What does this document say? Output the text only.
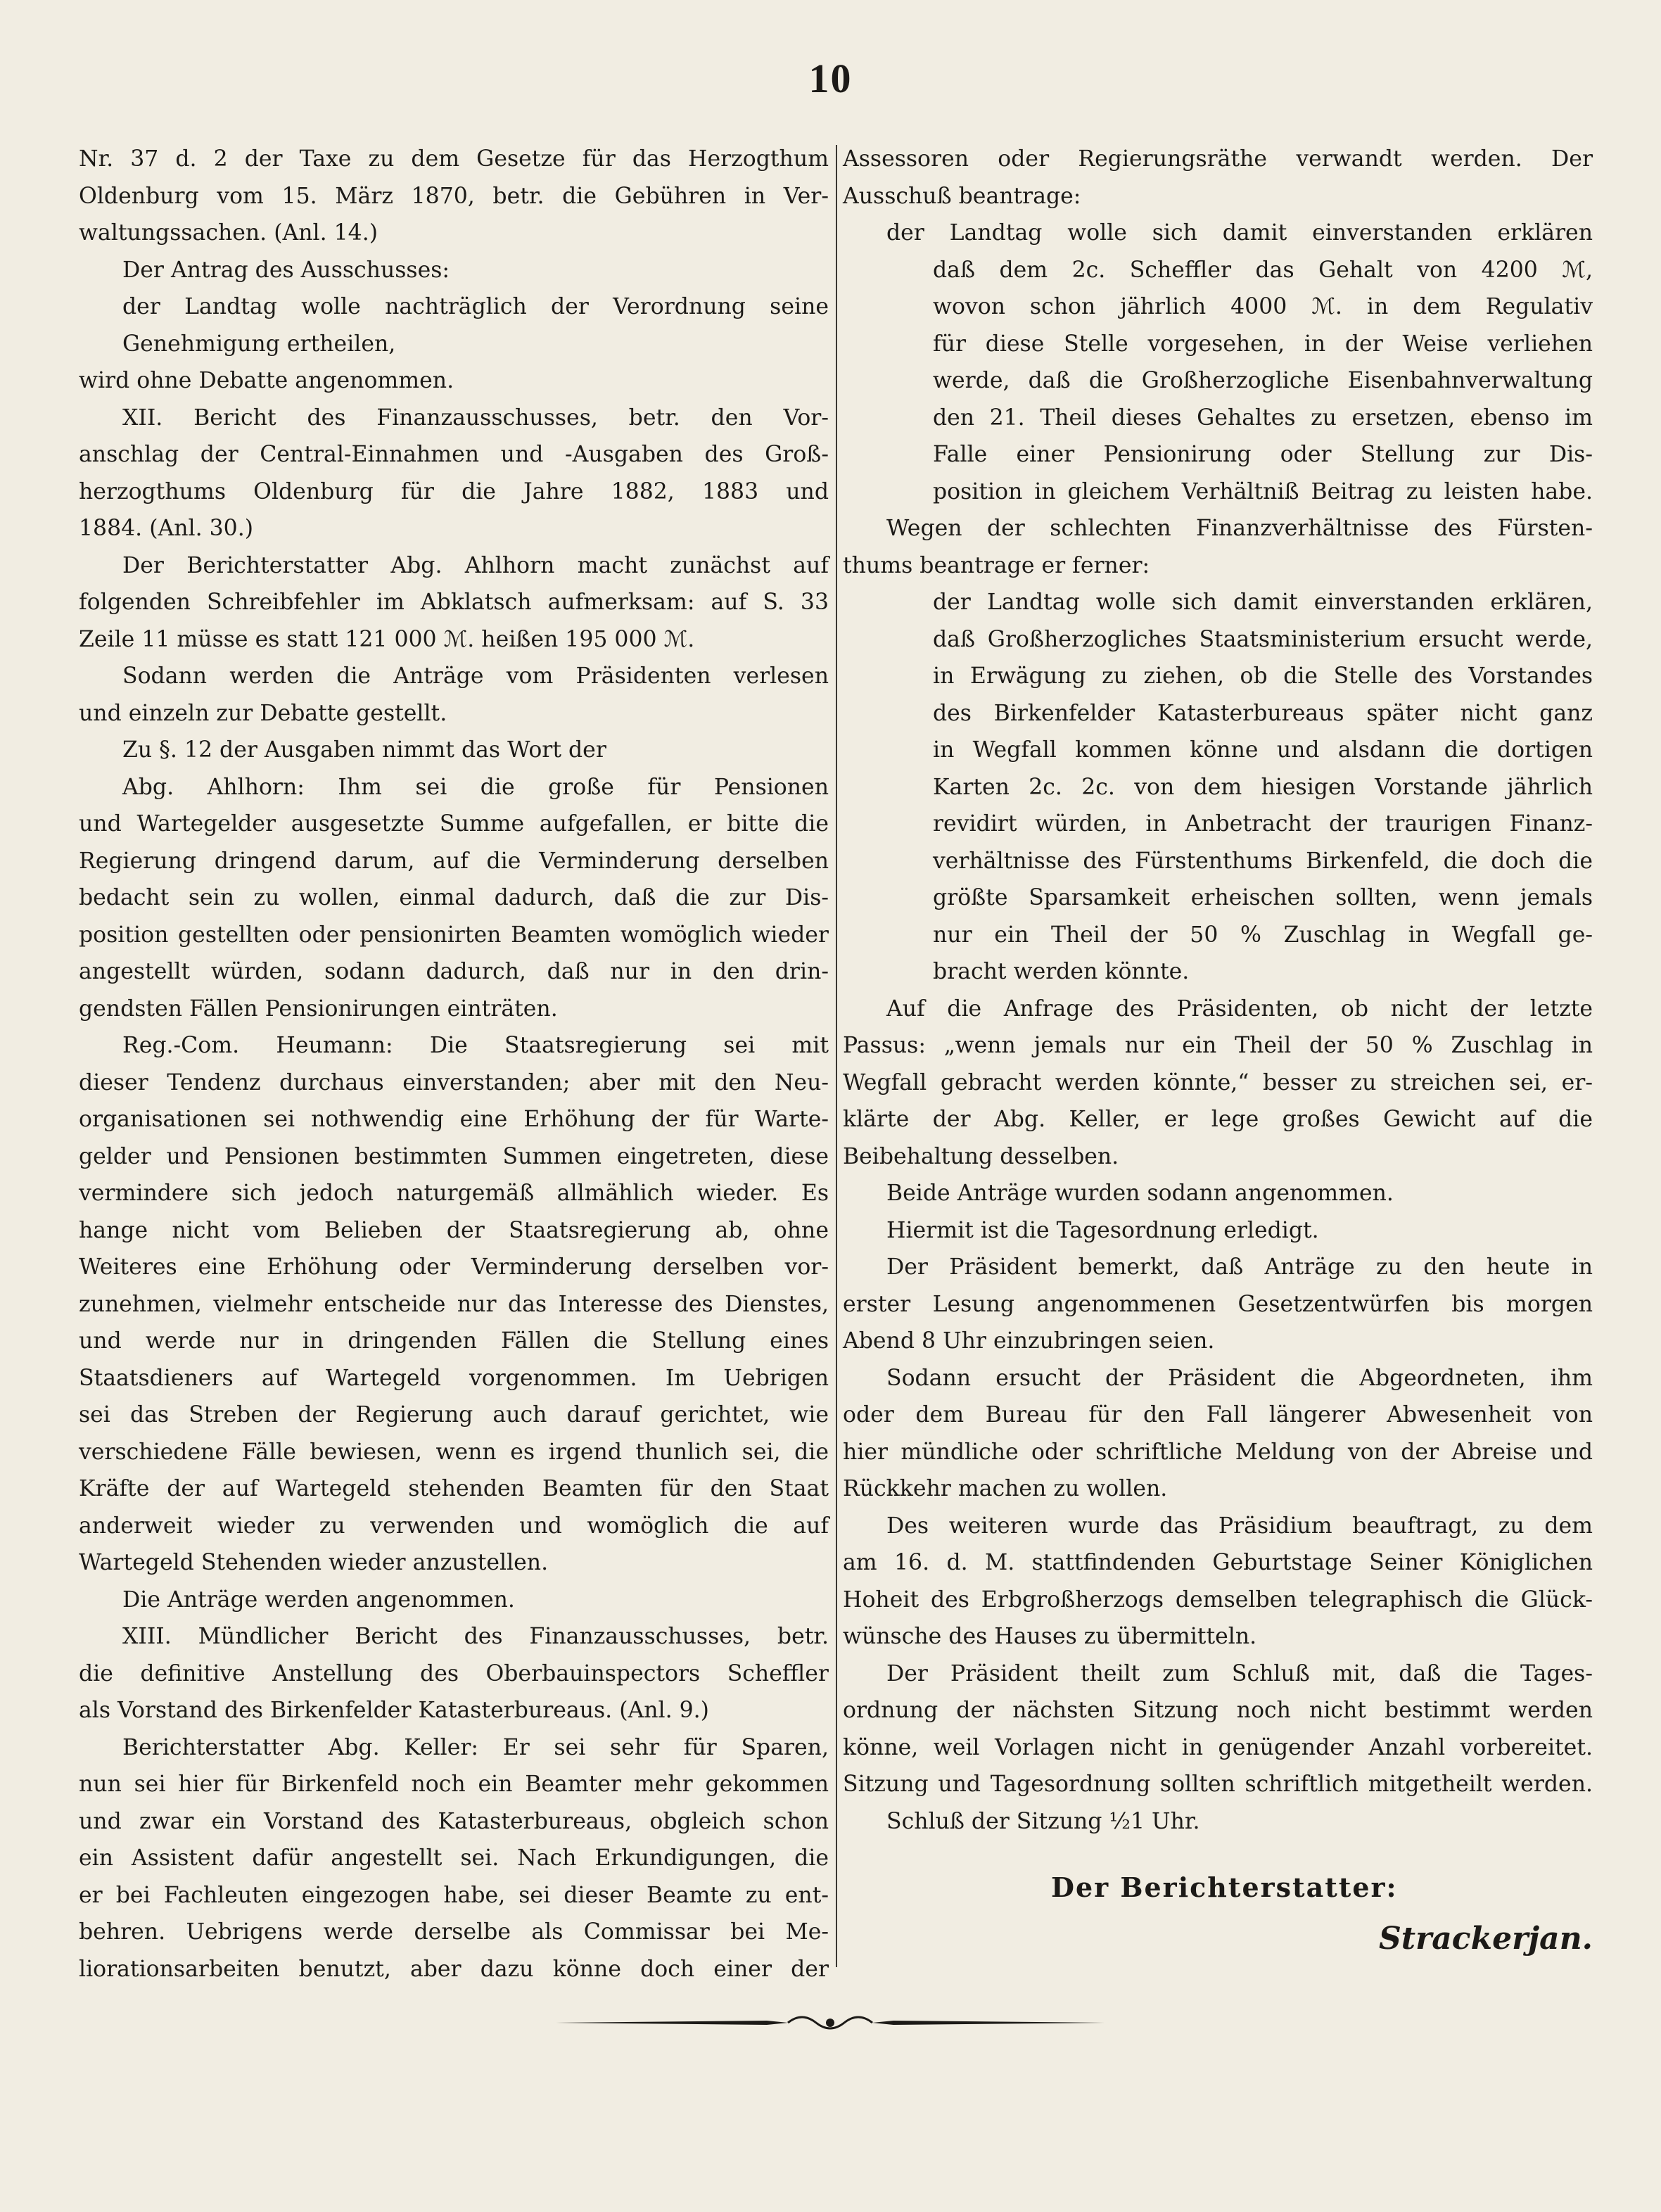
10
Nr. 37 d. 2 der Taxe zu dem Gesetze für das Herzogthum
Oldenburg vom 15. März 1870, betr. die Gebühren in Ver-
waltungssachen. (Anl. 14.)
Der Antrag des Ausschusses:
der Landtag wolle nachträglich der Verordnung seine
Genehmigung ertheilen,
wird ohne Debatte angenommen.
XII. Bericht des Finanzausschusses, betr. den Vor-
anschlag der Central-Einnahmen und -Ausgaben des Groß-
herzogthums Oldenburg für die Jahre 1882, 1883 und
1884. (Anl. 30.)
Der Berichterstatter Abg. Ahlhorn macht zunächst auf
folgenden Schreibfehler im Abklatsch aufmerksam: auf S. 33
Zeile 11 müsse es statt 121 000 ℳ. heißen 195 000 ℳ.
Sodann werden die Anträge vom Präsidenten verlesen
und einzeln zur Debatte gestellt.
Zu §. 12 der Ausgaben nimmt das Wort der
Abg. Ahlhorn: Ihm sei die große für Pensionen
und Wartegelder ausgesetzte Summe aufgefallen, er bitte die
Regierung dringend darum, auf die Verminderung derselben
bedacht sein zu wollen, einmal dadurch, daß die zur Dis-
position gestellten oder pensionirten Beamten womöglich wieder
angestellt würden, sodann dadurch, daß nur in den drin-
gendsten Fällen Pensionirungen einträten.
Reg.-Com. Heumann: Die Staatsregierung sei mit
dieser Tendenz durchaus einverstanden; aber mit den Neu-
organisationen sei nothwendig eine Erhöhung der für Warte-
gelder und Pensionen bestimmten Summen eingetreten, diese
vermindere sich jedoch naturgemäß allmählich wieder. Es
hange nicht vom Belieben der Staatsregierung ab, ohne
Weiteres eine Erhöhung oder Verminderung derselben vor-
zunehmen, vielmehr entscheide nur das Interesse des Dienstes,
und werde nur in dringenden Fällen die Stellung eines
Staatsdieners auf Wartegeld vorgenommen. Im Uebrigen
sei das Streben der Regierung auch darauf gerichtet, wie
verschiedene Fälle bewiesen, wenn es irgend thunlich sei, die
Kräfte der auf Wartegeld stehenden Beamten für den Staat
anderweit wieder zu verwenden und womöglich die auf
Wartegeld Stehenden wieder anzustellen.
Die Anträge werden angenommen.
XIII. Mündlicher Bericht des Finanzausschusses, betr.
die definitive Anstellung des Oberbauinspectors Scheffler
als Vorstand des Birkenfelder Katasterbureaus. (Anl. 9.)
Berichterstatter Abg. Keller: Er sei sehr für Sparen,
nun sei hier für Birkenfeld noch ein Beamter mehr gekommen
und zwar ein Vorstand des Katasterbureaus, obgleich schon
ein Assistent dafür angestellt sei. Nach Erkundigungen, die
er bei Fachleuten eingezogen habe, sei dieser Beamte zu ent-
behren. Uebrigens werde derselbe als Commissar bei Me-
liorationsarbeiten benutzt, aber dazu könne doch einer der
Assessoren oder Regierungsräthe verwandt werden. Der
Ausschuß beantrage:
der Landtag wolle sich damit einverstanden erklären
daß dem 2c. Scheffler das Gehalt von 4200 ℳ,
wovon schon jährlich 4000 ℳ. in dem Regulativ
für diese Stelle vorgesehen, in der Weise verliehen
werde, daß die Großherzogliche Eisenbahnverwaltung
den 21. Theil dieses Gehaltes zu ersetzen, ebenso im
Falle einer Pensionirung oder Stellung zur Dis-
position in gleichem Verhältniß Beitrag zu leisten habe.
Wegen der schlechten Finanzverhältnisse des Fürsten-
thums beantrage er ferner:
der Landtag wolle sich damit einverstanden erklären,
daß Großherzogliches Staatsministerium ersucht werde,
in Erwägung zu ziehen, ob die Stelle des Vorstandes
des Birkenfelder Katasterbureaus später nicht ganz
in Wegfall kommen könne und alsdann die dortigen
Karten 2c. 2c. von dem hiesigen Vorstande jährlich
revidirt würden, in Anbetracht der traurigen Finanz-
verhältnisse des Fürstenthums Birkenfeld, die doch die
größte Sparsamkeit erheischen sollten, wenn jemals
nur ein Theil der 50 % Zuschlag in Wegfall ge-
bracht werden könnte.
Auf die Anfrage des Präsidenten, ob nicht der letzte
Passus: „wenn jemals nur ein Theil der 50 % Zuschlag in
Wegfall gebracht werden könnte,“ besser zu streichen sei, er-
klärte der Abg. Keller, er lege großes Gewicht auf die
Beibehaltung desselben.
Beide Anträge wurden sodann angenommen.
Hiermit ist die Tagesordnung erledigt.
Der Präsident bemerkt, daß Anträge zu den heute in
erster Lesung angenommenen Gesetzentwürfen bis morgen
Abend 8 Uhr einzubringen seien.
Sodann ersucht der Präsident die Abgeordneten, ihm
oder dem Bureau für den Fall längerer Abwesenheit von
hier mündliche oder schriftliche Meldung von der Abreise und
Rückkehr machen zu wollen.
Des weiteren wurde das Präsidium beauftragt, zu dem
am 16. d. M. stattfindenden Geburtstage Seiner Königlichen
Hoheit des Erbgroßherzogs demselben telegraphisch die Glück-
wünsche des Hauses zu übermitteln.
Der Präsident theilt zum Schluß mit, daß die Tages-
ordnung der nächsten Sitzung noch nicht bestimmt werden
könne, weil Vorlagen nicht in genügender Anzahl vorbereitet.
Sitzung und Tagesordnung sollten schriftlich mitgetheilt werden.
Schluß der Sitzung ½1 Uhr.
Der Berichterstatter:
Strackerjan.
